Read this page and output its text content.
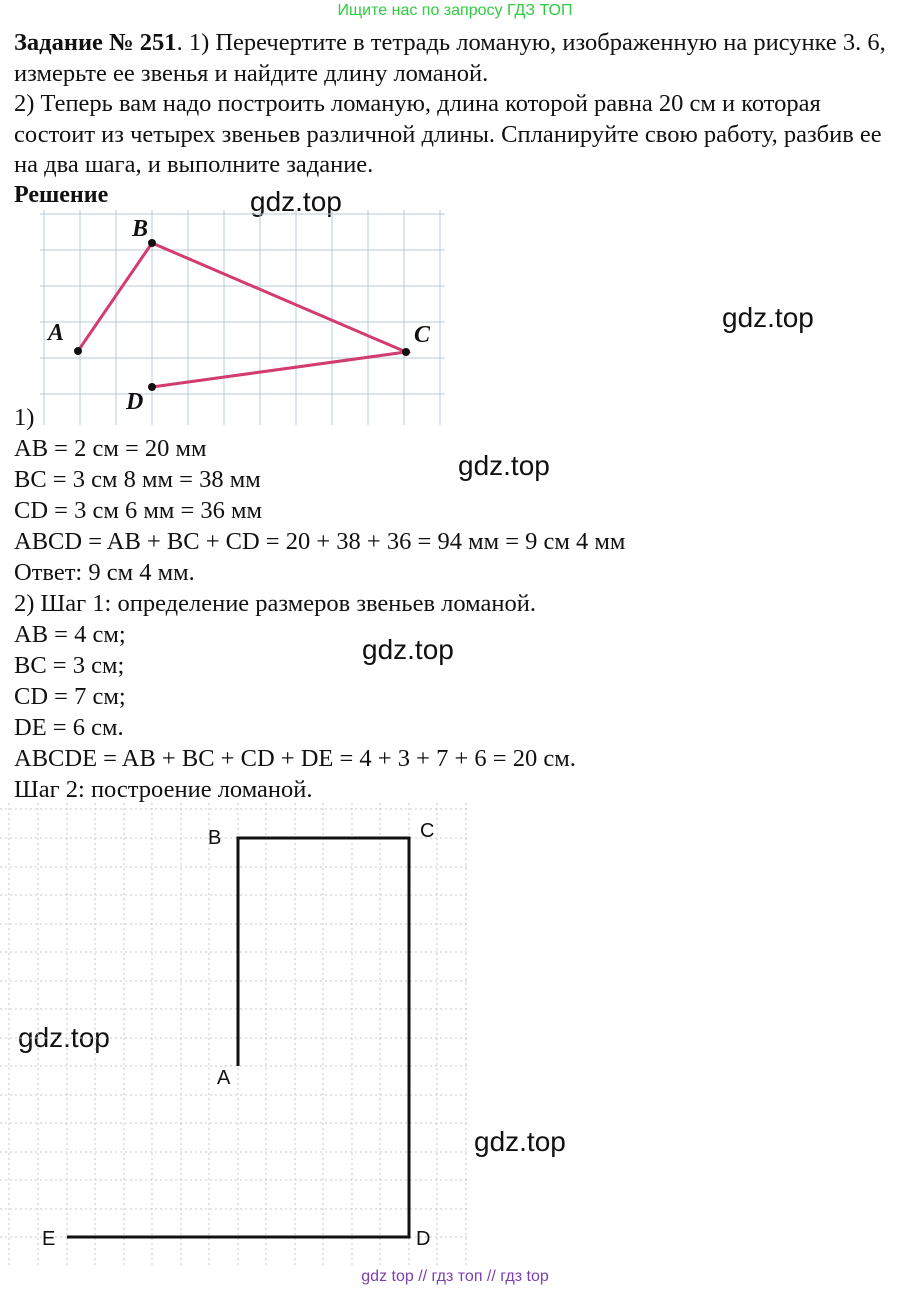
Ищите нас по запросу ГДЗ ТОП

Задание № 251. 1) Перечертите в тетрадь ломаную, изображенную на рисунке 3. 6, измерьте ее звенья и найдите длину ломаной.

2) Теперь вам надо построить ломаную, длина которой равна 20 см и которая состоит из четырех звеньев различной длины. Спланируйте свою работу, разбив ее на два шага, и выполните задание.

Решение	gdz.top
gdz.top
gdz.top
gdz.top
gdz.top
gdz.top
A
B
C
D
1)
AB = 2 см = 20 мм
BC = 3 см 8 мм = 38 мм
CD = 3 см 6 мм = 36 мм
ABCD = AB + BC + CD = 20 + 38 + 36 = 94 мм = 9 см 4 мм
Ответ: 9 см 4 мм.
2) Шаг 1: определение размеров звеньев ломаной.
AB = 4 см;
BC = 3 см;
CD = 7 см;
DE = 6 см.
ABCDE = AB + BC + CD + DE = 4 + 3 + 7 + 6 = 20 см.
Шаг 2: построение ломаной.
A
B	C
D
E
gdz top // гдз топ // гдз top
